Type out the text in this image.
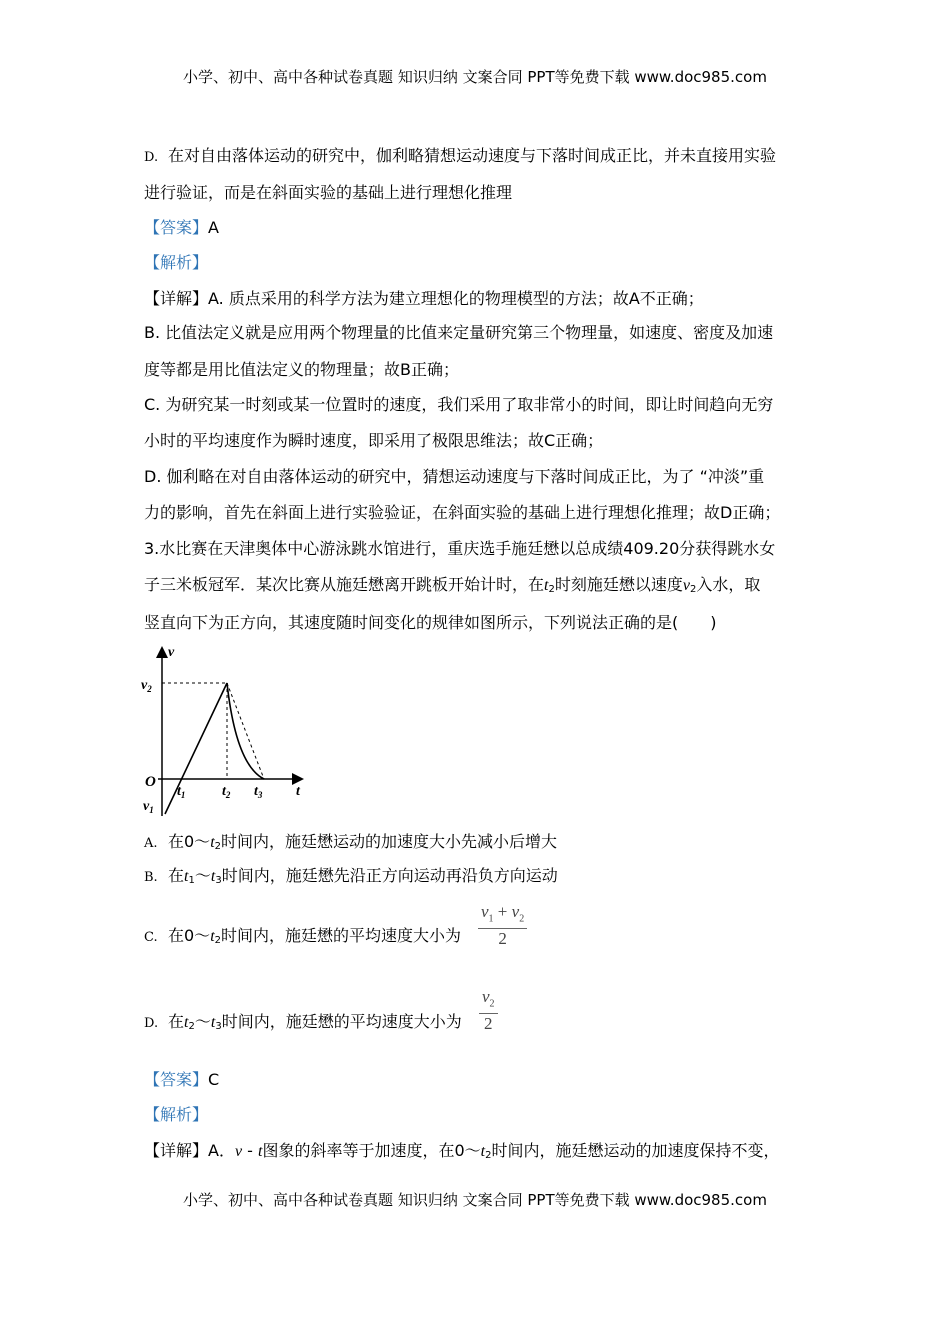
小学、初中、高中各种试卷真题 知识归纳 文案合同 PPT等免费下载 www.doc985.com
D. 在对自由落体运动的研究中，伽利略猜想运动速度与下落时间成正比，并未直接用实验
进行验证，而是在斜面实验的基础上进行理想化推理
【答案】A
【解析】
【详解】A. 质点采用的科学方法为建立理想化的物理模型的方法；故A不正确；
B. 比值法定义就是应用两个物理量的比值来定量研究第三个物理量，如速度、密度及加速
度等都是用比值法定义的物理量；故B正确；
C. 为研究某一时刻或某一位置时的速度，我们采用了取非常小的时间，即让时间趋向无穷
小时的平均速度作为瞬时速度，即采用了极限思维法；故C正确；
D. 伽利略在对自由落体运动的研究中，猜想运动速度与下落时间成正比，为了 “冲淡”重
力的影响，首先在斜面上进行实验验证，在斜面实验的基础上进行理想化推理；故D正确；
3.水比赛在天津奥体中心游泳跳水馆进行，重庆选手施廷懋以总成绩409.20分获得跳水女
子三米板冠军．某次比赛从施廷懋离开跳板开始计时，在$t_2$时刻施廷懋以速度$v_2$入水，取
竖直向下为正方向，其速度随时间变化的规律如图所示，下列说法正确的是(　　)
v
t
O
$v_2$
$v_1$
$t_1$	$t_2$ $t_3$
A. 在$0\sim t_2$时间内，施廷懋运动的加速度大小先减小后增大
B. 在$t_1\sim t_3$时间内，施廷懋先沿正方向运动再沿负方向运动
C. 在$0\sim t_2$时间内，施廷懋的平均速度大小为
$v_1 + v_2$
2
D. 在$t_2\sim t_3$时间内，施廷懋的平均速度大小为
$v_2$
2
【答案】C
【解析】
【详解】A．v - t图象的斜率等于加速度，在$0\sim t_2$时间内，施廷懋运动的加速度保持不变，
小学、初中、高中各种试卷真题 知识归纳 文案合同 PPT等免费下载 www.doc985.com
